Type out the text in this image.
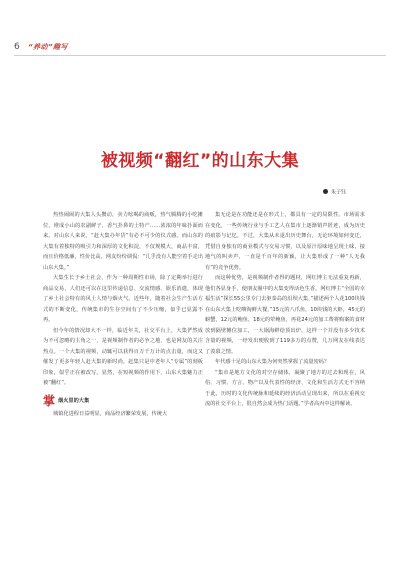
6 “养动”趣写
被视频“翻红”的山东大集
朱子钰

热热闹闹的大集人头攒动，卖力吆喝的商贩，热气腾腾的小吃摊位，堆成小山的农副鲜子，香气扑鼻的土特产……浓浓的年味扑面而来。对山东人来说，“赶大集办年货”有必不可少的仪式感。而山东的大集有着独特的吸引力和深厚的文化积淀，不仅规模大，商品丰富，而且价格低廉，性价比高，网友纷纷调侃：“几乎没有人能空着手走出山东大集。”

大集生长于乡土社会，作为一种周期性市场，除了定期举行进行商品交易，人们还可以在这里传递信息、交流情感、娱乐消遣，体现了乡土社会特有的风土人情与烟火气。近些年，随着社会生产生活方式的不断变化，传统集市的生存空间有了不少压缩，似乎已显露不再。

但今年的情况却大不一样，临近年关，社交平台上，大集俨然成为不可忽略的主角之一，是视频制作者的必争之地，也是网友的关注热点。一个大集的视频，动辄可以获得百万千万计的点击量，而这又催发了更多年轻人赶大集的新时尚。赶集只是中老年人“专属”的刻板印象，似乎正在被改写。显然，在短视频的作用下，山东大集魅力正被“翻红”。

掌 烟火里的大集

城镇化进程日益明显，商品经济繁荣发展，传统大

集无论是在功能还是在形式上，都具有一定的局限性。市场需求在变化，一些传统行业与手工艺人在集市上逐渐销声匿迹，成为历史的痕影与记忆。不过，大集从未退出历史舞台，无论环境如何变迁，凭借自身独有的商业模式与交易习惯，以及原汁原味地呈现土味，接地气的叫卖声，一直是千百年的新颖，让大集形成了一种“人无我有”的竞争优势。

而这种优势，是视频制作者得的题材，网红博主无法重复再新，他们各显身手，使朋友圈中的大集变得活色生香。网红博主“全国的幸福生活”探长55公里专门去驱泰岛的沿坝大集，”描述两个人花100块钱在山东大集上吃嗨淘鲜大餐，”15元的八爪鱼，10块钱的大虾，45元的螃蟹，12元的鲍鱼，18元的荤鲍鱼，再花24元的加工费将购案的食材放到隔壁摊位加工，一大锅海鲜给顶出炉。这样一个并没有多少技术含量的视频，一经发出便收到了119多万的点赞，几万网友在线表达了羡慕之情。

年代感十足的山东大集为何突然掌握了流量密码？

“集市是地方文化的对空存储体，凝聚了地方的过去和现在，风俗、习惯、方言、物产以及代表性的经济、文化和生活方式无不容纳于此，历时的文化传统脉和延续的经济活动呈现出来，所以在重视交流的社交平台上，很自然会成为热门话题。”学者高丙中这样解读。
